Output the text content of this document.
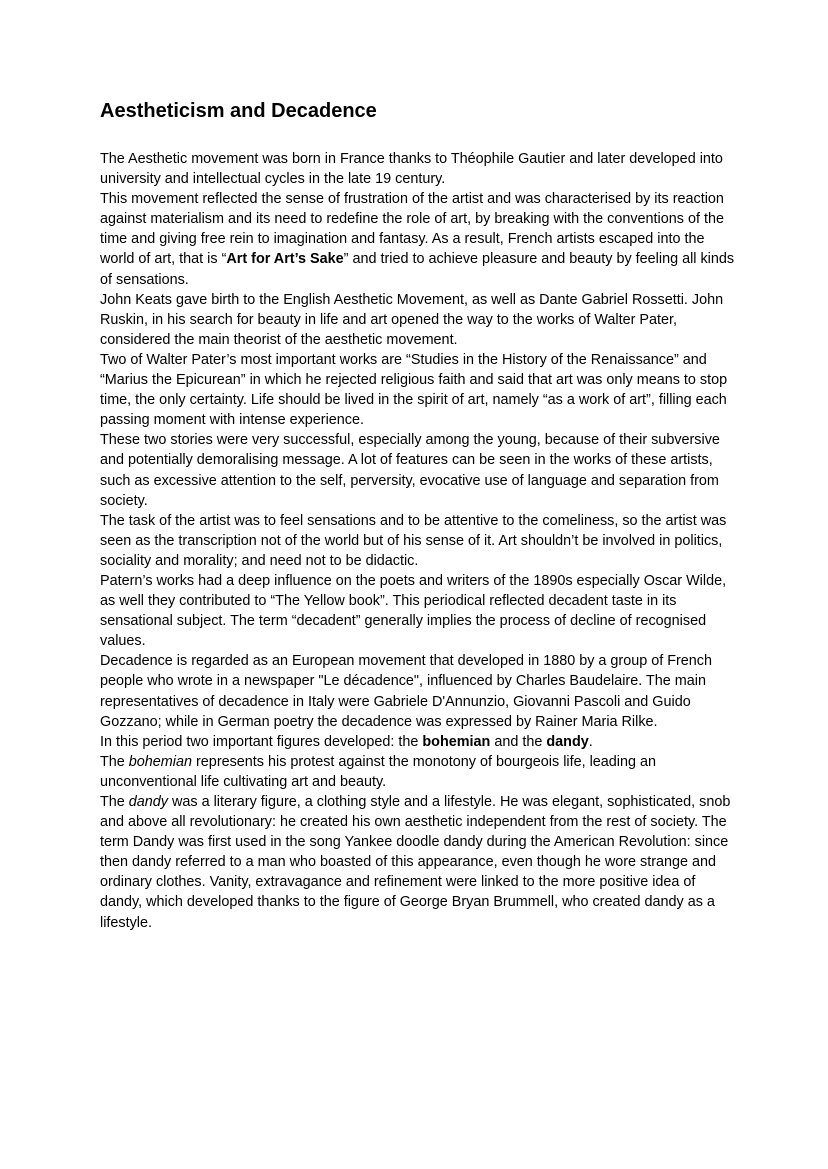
Aestheticism and Decadence

The Aesthetic movement was born in France thanks to Théophile Gautier and later developed into university and intellectual cycles in the late 19 century.

This movement reflected the sense of frustration of the artist and was characterised by its reaction against materialism and its need to redefine the role of art, by breaking with the conventions of the time and giving free rein to imagination and fantasy. As a result, French artists escaped into the world of art, that is “Art for Art’s Sake” and tried to achieve pleasure and beauty by feeling all kinds of sensations.

John Keats gave birth to the English Aesthetic Movement, as well as Dante Gabriel Rossetti. John Ruskin, in his search for beauty in life and art opened the way to the works of Walter Pater, considered the main theorist of the aesthetic movement.

Two of Walter Pater’s most important works are “Studies in the History of the Renaissance” and “Marius the Epicurean” in which he rejected religious faith and said that art was only means to stop time, the only certainty. Life should be lived in the spirit of art, namely “as a work of art”, filling each passing moment with intense experience.

These two stories were very successful, especially among the young, because of their subversive and potentially demoralising message. A lot of features can be seen in the works of these artists, such as excessive attention to the self, perversity, evocative use of language and separation from society.

The task of the artist was to feel sensations and to be attentive to the comeliness, so the artist was seen as the transcription not of the world but of his sense of it. Art shouldn’t be involved in politics, sociality and morality; and need not to be didactic.

Patern’s works had a deep influence on the poets and writers of the 1890s especially Oscar Wilde, as well they contributed to “The Yellow book”. This periodical reflected decadent taste in its sensational subject. The term “decadent” generally implies the process of decline of recognised values.

Decadence is regarded as an European movement that developed in 1880 by a group of French people who wrote in a newspaper "Le décadence", influenced by Charles Baudelaire. The main representatives of decadence in Italy were Gabriele D'Annunzio, Giovanni Pascoli and Guido Gozzano; while in German poetry the decadence was expressed by Rainer Maria Rilke.

In this period two important figures developed: the bohemian and the dandy.

The bohemian represents his protest against the monotony of bourgeois life, leading an unconventional life cultivating art and beauty.

The dandy was a literary figure, a clothing style and a lifestyle. He was elegant, sophisticated, snob and above all revolutionary: he created his own aesthetic independent from the rest of society. The term Dandy was first used in the song Yankee doodle dandy during the American Revolution: since then dandy referred to a man who boasted of this appearance, even though he wore strange and ordinary clothes. Vanity, extravagance and refinement were linked to the more positive idea of dandy, which developed thanks to the figure of George Bryan Brummell, who created dandy as a lifestyle.
